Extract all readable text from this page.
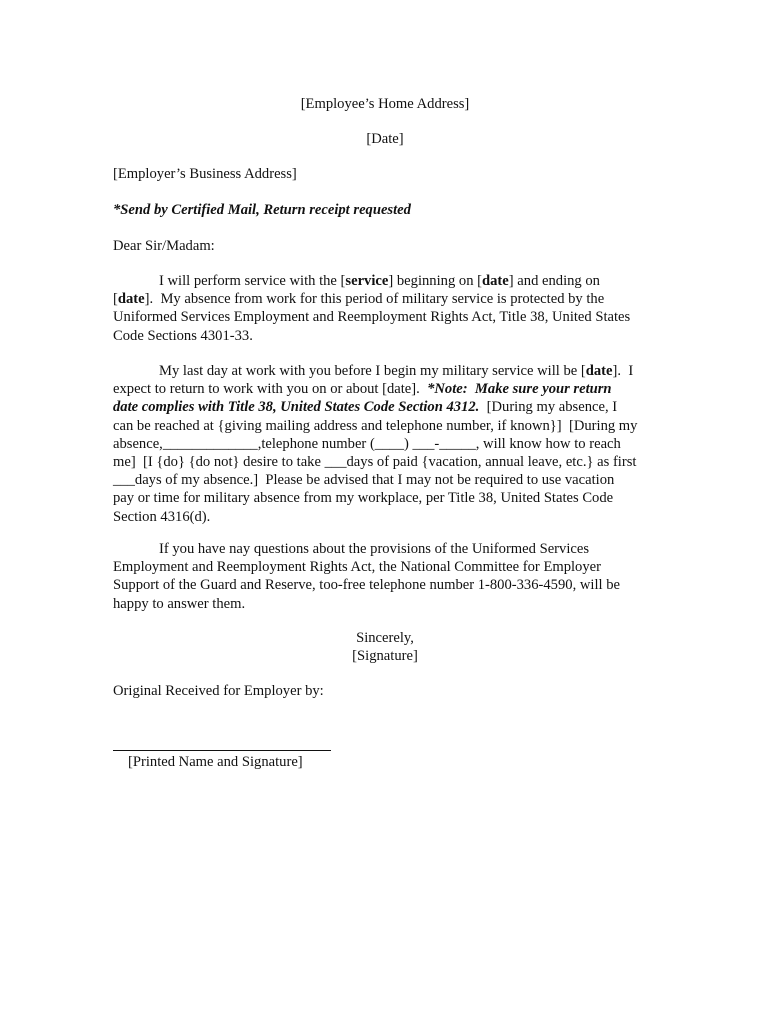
[Employee’s Home Address]
[Date]
[Employer’s Business Address]
*Send by Certified Mail, Return receipt requested
Dear Sir/Madam:
I will perform service with the [service] beginning on [date] and ending on
[date].  My absence from work for this period of military service is protected by the
Uniformed Services Employment and Reemployment Rights Act, Title 38, United States
Code Sections 4301-33.
My last day at work with you before I begin my military service will be [date].  I
expect to return to work with you on or about [date].  *Note:  Make sure your return
date complies with Title 38, United States Code Section 4312.  [During my absence, I
can be reached at {giving mailing address and telephone number, if known}]  [During my
absence,_____________,telephone number (____) ___-_____, will know how to reach
me]  [I {do} {do not} desire to take ___days of paid {vacation, annual leave, etc.} as first
___days of my absence.]  Please be advised that I may not be required to use vacation
pay or time for military absence from my workplace, per Title 38, United States Code
Section 4316(d).
If you have nay questions about the provisions of the Uniformed Services
Employment and Reemployment Rights Act, the National Committee for Employer
Support of the Guard and Reserve, too-free telephone number 1-800-336-4590, will be
happy to answer them.
Sincerely,
[Signature]
Original Received for Employer by:
[Printed Name and Signature]
